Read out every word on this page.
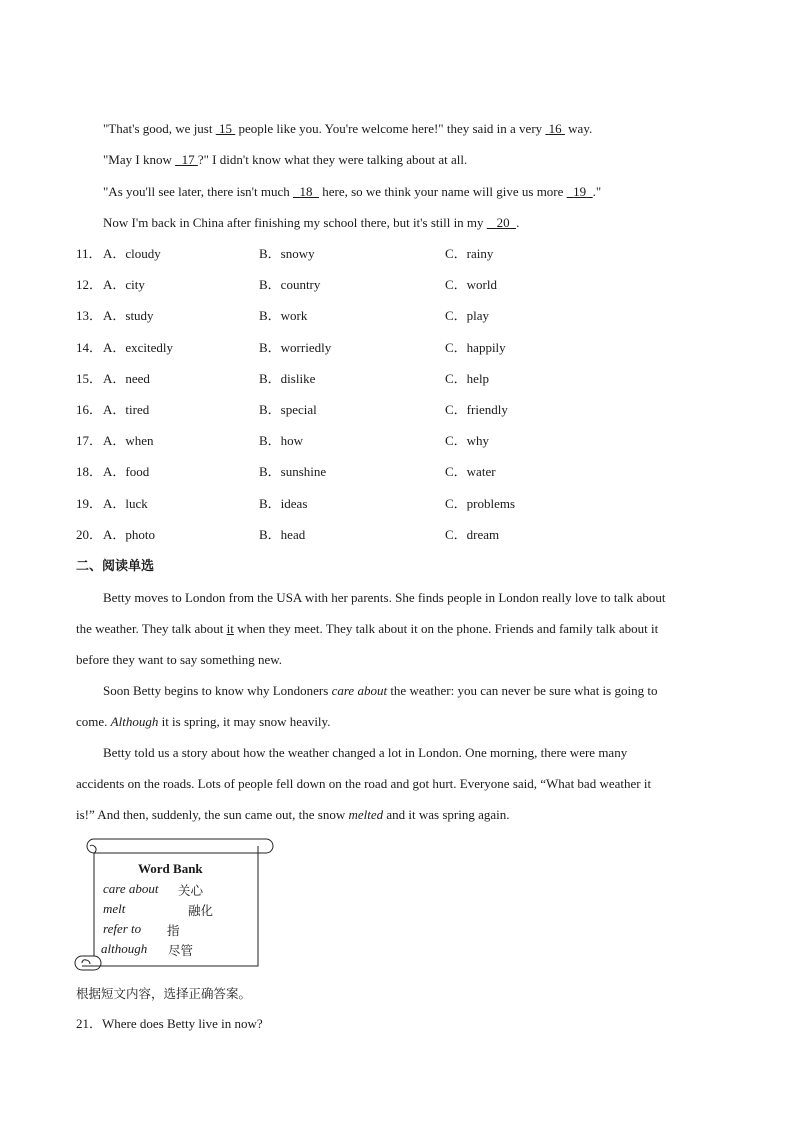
"That's good, we just  15  people like you. You're welcome here!" they said in a very  16  way.
"May I know   17 ?" I didn't know what they were talking about at all.
"As you'll see later, there isn't much   18   here, so we think your name will give us more   19 ."
Now I'm back in China after finishing my school there, but it's still in my    20 .
11． A．cloudy	B．snowy	C．rainy
12． A．city	B．country	C．world
13． A．study	B．work	C．play
14． A．excitedly	B．worriedly	C．happily
15． A．need	B．dislike	C．help
16． A．tired	B．special	C．friendly
17． A．when	B．how	C．why
18． A．food	B．sunshine	C．water
19． A．luck	B．ideas	C．problems
20． A．photo	B．head	C．dream
二、阅读单选
Betty moves to London from the USA with her parents. She finds people in London really love to talk about
the weather. They talk about it when they meet. They talk about it on the phone. Friends and family talk about it
before they want to say something new.
Soon Betty begins to know why Londoners care about the weather: you can never be sure what is going to
come. Although it is spring, it may snow heavily.
Betty told us a story about how the weather changed a lot in London. One morning, there were many
accidents on the roads. Lots of people fell down on the road and got hurt. Everyone said, “What bad weather it
is!” And then, suddenly, the sun came out, the snow melted and it was spring again.
Word Bank
care about 关心
melt	融化
refer to 指
although 尽管
根据短文内容，选择正确答案。
21．Where does Betty live in now?
